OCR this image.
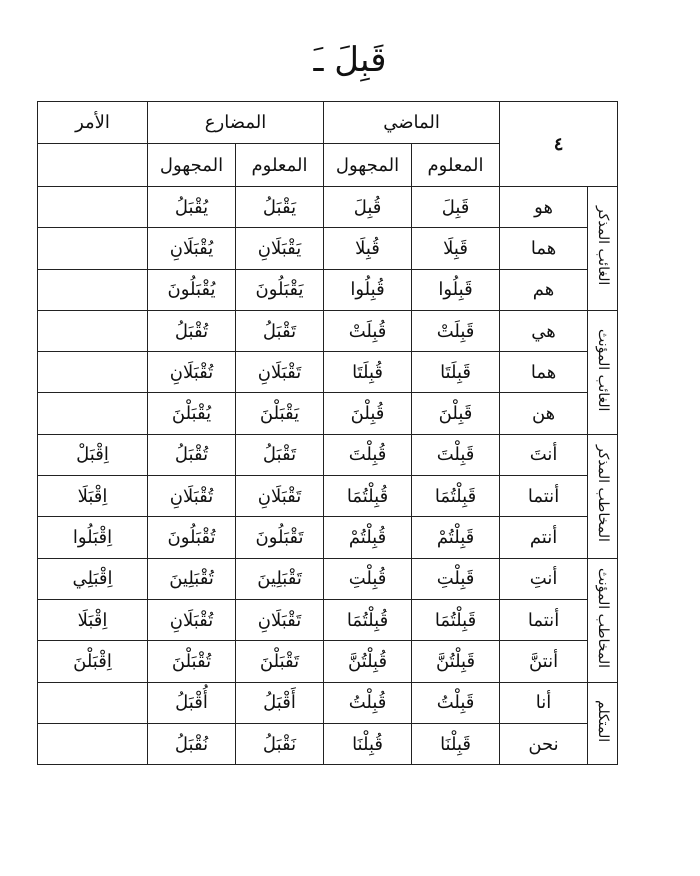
قَبِلَ ـَ
٤		الماضي		المضارع		الأمر
		المعلوم	المجهول	المعلوم	المجهول	
الغائب المذكر	هو	قَبِلَ	قُبِلَ	يَقْبَلُ	يُقْبَلُ	
	هما	قَبِلَا	قُبِلَا	يَقْبَلَانِ	يُقْبَلَانِ	
	هم	قَبِلُوا	قُبِلُوا	يَقْبَلُونَ	يُقْبَلُونَ	
الغائب المؤنث	هي	قَبِلَتْ	قُبِلَتْ	تَقْبَلُ	تُقْبَلُ	
	هما	قَبِلَتَا	قُبِلَتَا	تَقْبَلَانِ	تُقْبَلَانِ	
	هن	قَبِلْنَ	قُبِلْنَ	يَقْبَلْنَ	يُقْبَلْنَ	
المخاطب المذكر	أنتَ	قَبِلْتَ	قُبِلْتَ	تَقْبَلُ	تُقْبَلُ	اِقْبَلْ
	أنتما	قَبِلْتُمَا	قُبِلْتُمَا	تَقْبَلَانِ	تُقْبَلَانِ	اِقْبَلَا
	أنتم	قَبِلْتُمْ	قُبِلْتُمْ	تَقْبَلُونَ	تُقْبَلُونَ	اِقْبَلُوا
المخاطب المؤنث	أنتِ	قَبِلْتِ	قُبِلْتِ	تَقْبَلِينَ	تُقْبَلِينَ	اِقْبَلِي
	أنتما	قَبِلْتُمَا	قُبِلْتُمَا	تَقْبَلَانِ	تُقْبَلَانِ	اِقْبَلَا
	أنتنَّ	قَبِلْتُنَّ	قُبِلْتُنَّ	تَقْبَلْنَ	تُقْبَلْنَ	اِقْبَلْنَ
المتكلم	أنا	قَبِلْتُ	قُبِلْتُ	أَقْبَلُ	أُقْبَلُ	
	نحن	قَبِلْنَا	قُبِلْنَا	نَقْبَلُ	نُقْبَلُ	
